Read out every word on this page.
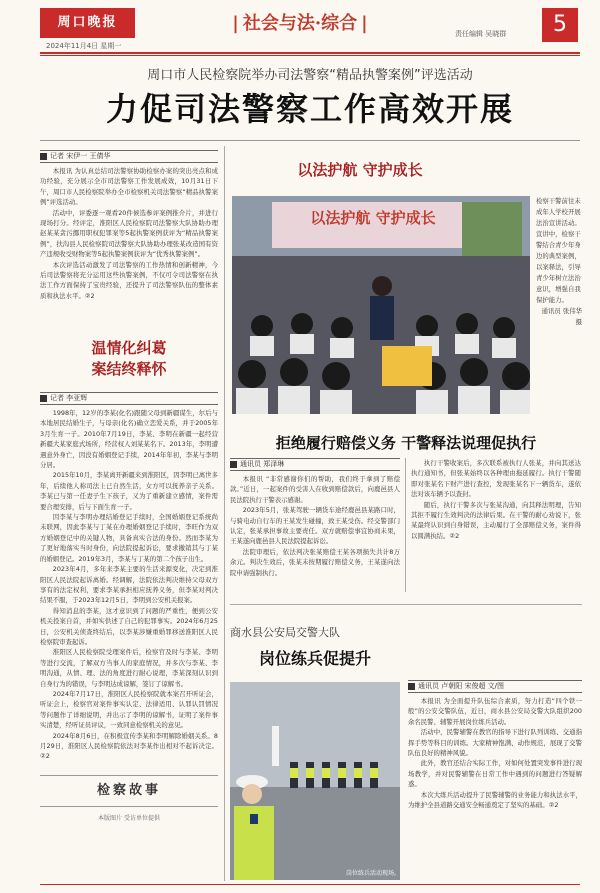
周口晚报
2024年11月4日 星期一
| 社会与法·综合 |	责任编辑 吴晓群	5
周口市人民检察院举办司法警察“精品执警案例”评选活动
力促司法警察工作高效开展
记者 宋伊一 王倩华

本报讯 为认真总结司法警察协助检察办案的突出亮点和成功经验，充分展示全市司法警察工作发展成效，10月31日下午，周口市人民检察院举办全市检察机关司法警察“精品执警案例”评选活动。

活动中，评委逐一观看20件候选参评案例推介片，并进行现场打分。经评定，淮阳区人民检察院司法警察大队协助办理赵某某贪污挪用职权犯罪案等5起执警案例获评为“精品执警案例”，扶沟县人民检察院司法警察大队协助办理张某改造国有资产违规收受财物案等5起执警案例获评为“优秀执警案例”。

本次评选活动激发了司法警察的工作热情和创新精神，今后司法警察将充分运用这些执警案例，不仅可令司法警察在执法工作方面保持了宝贵经验，还提升了司法警察队伍的整体素质和执法水平。②2

温情化纠葛
案结终释怀
记者 李亚辉

1998年，12岁的李某(化名)跟随父母到新疆谋生，尔后与本地居民结婚生子，与母亲(化名)确立恋爱关系，并于2005年3月生育一子。2010年7月19日，李某、李明在新疆一起经营新疆大某家庭式场所，经营权人刘某某名下。2013年，李明遭遇意外身亡，因没有婚姻登记手续，2014年年初，李某与李明分居。

2015年10月，李某离开新疆来到淮阳区，因李明已离世多年，后续他人称司法上已自然生活，女方可以抚养亲子关系。李某已与第一任妻子生下孩子，又为了重新建立感情，案件需要合理安排，后与下面生育一子。

因李某与李明办理结婚登记手续时，全国婚姻登记系统尚未联网，因此李某与丁某在办理婚姻登记手续时，李旺作为双方婚姻登记中的关键人物，具备真实合法的身份。然而李某为了更好地落实当时身份，向法院提起诉讼，要求撤销其与丁某的婚姻登记。2019年3月，李某与丁某的第二个孩子出生。

2023年4月，多年来李某主要的生活来源变化，决定到淮阳区人民法院起诉离婚。经调解，法院依法判决维持父母双方享有的法定权利，要求李某承担相应抚养义务，但李某对判决结果不服，于2023年12月5日，李明到公安机关报案。

得知消息的李某，这才意识到了问题的严重性，便到公安机关投案自首，并如实供述了自己的犯罪事实。2024年6月25日，公安机关侦查终结后，以李某涉嫌重婚罪移送淮阳区人民检察院审查起诉。

淮阳区人民检察院受理案件后，检察官及时与李某、李明等进行交流，了解双方当事人的家庭情况，并多次与李某、李明沟通，从情、理、法的角度进行耐心说理，李某深刻认识到自身行为的错误，与李明达成谅解，签订了谅解书。

2024年7月17日，淮阳区人民检察院就本案召开听证会，听证会上，检察官对案件事实认定、法律适用、认罪认罚情况等问题作了详细说明，并出示了李明的谅解书，证明了案件事实清楚，经听证员评议，一致同意检察机关的意见。

2024年8月6日，在积极宣传李某和李明解除婚姻关系。8月29日，淮阳区人民检察院依法对李某作出相对不起诉决定。②2

检察故事
本版图片 受访单位提供
以法护航 守护成长
以法护航 守护成长
检察干警前往未成年人学校开展法治宣讲活动。宣讲中，检察干警结合青少年身边的典型案例，以案释法，引导青少年树立法治意识，增强自我保护能力。
通讯员 张伟华 摄
拒绝履行赔偿义务 干警释法说理促执行
通讯员 郑泽琳

本报讯 “非常感谢你们的帮助，我们终于拿到了赔偿款。”近日，一起案件的受害人在收到赔偿款后，向鹿邑县人民法院执行干警表示感谢。

2023年5月，张某驾驶一辆货车途经鹿邑县某路口时，与骑电动自行车的王某发生碰撞，致王某受伤。经交警部门认定，张某承担事故主要责任。双方就赔偿事宜协商未果，王某遂向鹿邑县人民法院提起诉讼。

法院审理后，依法判决张某赔偿王某各项损失共计8万余元。判决生效后，张某未按期履行赔偿义务，王某遂向法院申请强制执行。

执行干警收案后，多次联系被执行人张某，并向其送达执行通知书，但张某始终以各种理由拖延履行。执行干警随即对张某名下财产进行查控，发现张某名下一辆货车，遂依法对该车辆予以查封。

随后，执行干警多次与张某沟通，向其释法明理，告知其拒不履行生效判决的法律后果。在干警的耐心劝说下，张某最终认识到自身错误，主动履行了全部赔偿义务，案件得以圆满执结。②2

商水县公安局交警大队
岗位练兵促提升
岗位练兵活动现场。
通讯员 卢朝阳 宋俊超 文/图

本报讯 为全面提升队伍综合素质，努力打造“四个铁一般”的公安交警队伍，近日，商水县公安局交警大队组织200余名民警、辅警开展岗位练兵活动。

活动中，民警辅警在教官的指导下进行队列训练、交通指挥手势等科目的训练。大家精神饱满、动作规范，展现了交警队伍良好的精神风貌。

此外，教官还结合实际工作，对如何处置突发事件进行现场教学，并对民警辅警在日常工作中遇到的问题进行答疑解惑。

本次大练兵活动提升了民警辅警的业务能力和执法水平，为维护全县道路交通安全畅通奠定了坚实的基础。②2
